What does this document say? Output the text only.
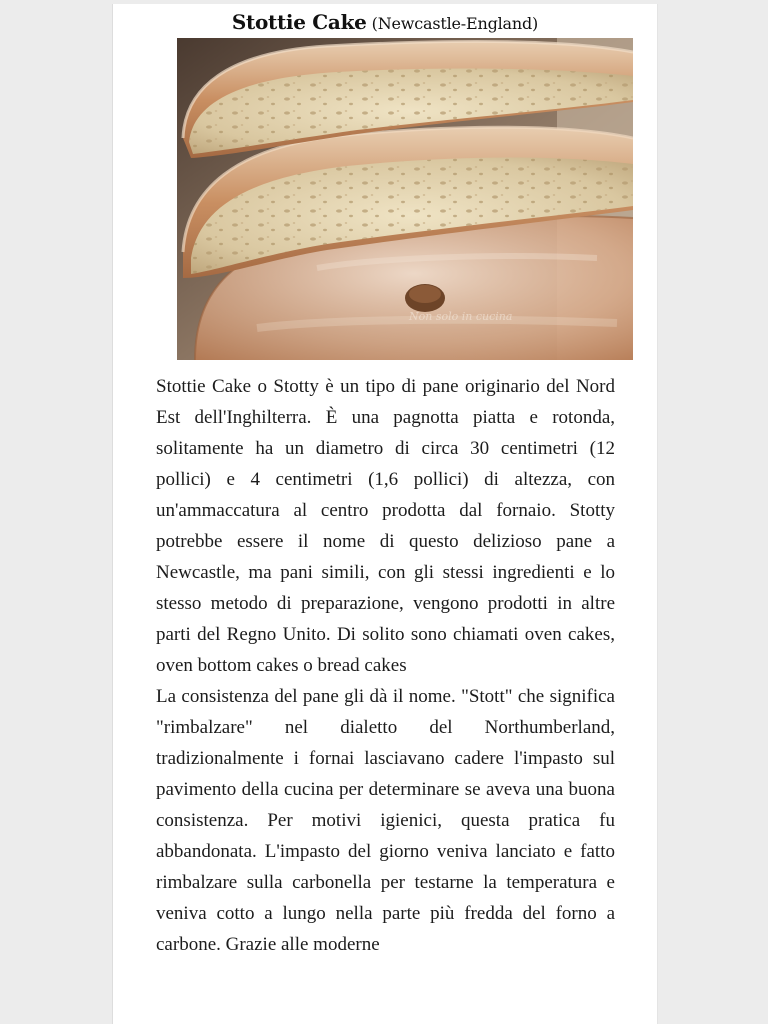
Stottie Cake (Newcastle-England)
Non solo in cucina

Stottie Cake o Stotty è un tipo di pane originario del Nord Est dell'Inghilterra. È una pagnotta piatta e rotonda, solitamente ha un diametro di circa 30 centimetri (12 pollici) e 4 centimetri (1,6 pollici) di altezza, con un'ammaccatura al centro prodotta dal fornaio. Stotty potrebbe essere il nome di questo delizioso pane a Newcastle, ma pani simili, con gli stessi ingredienti e lo stesso metodo di preparazione, vengono prodotti in altre parti del Regno Unito. Di solito sono chiamati oven cakes, oven bottom cakes o bread cakes

La consistenza del pane gli dà il nome. "Stott" che significa "rimbalzare" nel dialetto del Northumberland, tradizionalmente i fornai lasciavano cadere l'impasto sul pavimento della cucina per determinare se aveva una buona consistenza. Per motivi igienici, questa pratica fu abbandonata. L'impasto del giorno veniva lanciato e fatto rimbalzare sulla carbonella per testarne la temperatura e veniva cotto a lungo nella parte più fredda del forno a carbone. Grazie alle moderne
